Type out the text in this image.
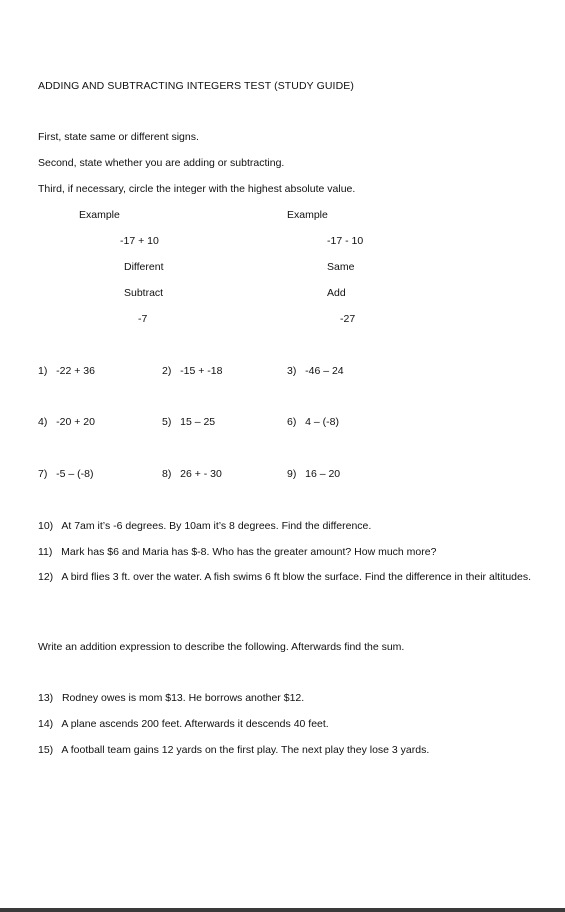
ADDING AND SUBTRACTING INTEGERS TEST (STUDY GUIDE)
First, state same or different signs.
Second, state whether you are adding or subtracting.
Third, if necessary, circle the integer with the highest absolute value.
Example
-17 + 10
Different
Subtract
-7
Example
-17 - 10
Same
Add
-27
1) -22 + 36	2) -15 + -18	3) -46 – 24
4) -20 + 20	5) 15 – 25	6) 4 – (-8)
7) -5 – (-8)	8) 26 + - 30	9) 16 – 20
10) At 7am it’s -6 degrees. By 10am it’s 8 degrees. Find the difference.
11) Mark has $6 and Maria has $-8. Who has the greater amount? How much more?
12) A bird flies 3 ft. over the water. A fish swims 6 ft blow the surface. Find the difference in their altitudes.
Write an addition expression to describe the following. Afterwards find the sum.
13) Rodney owes is mom $13. He borrows another $12.
14) A plane ascends 200 feet. Afterwards it descends 40 feet.
15) A football team gains 12 yards on the first play. The next play they lose 3 yards.
